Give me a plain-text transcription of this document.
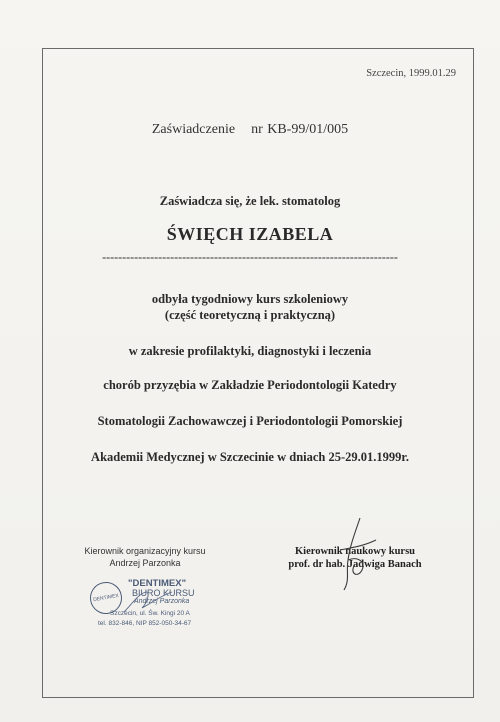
Szczecin, 1999.01.29
Zaświadczenie nr KB-99/01/005
Zaświadcza się, że lek. stomatolog
ŚWIĘCH IZABELA
--------------------------------------------------------------------------
odbyła tygodniowy kurs szkoleniowy
(część teoretyczną i praktyczną)
w zakresie profilaktyki, diagnostyki i leczenia
chorób przyzębia w Zakładzie Periodontologii Katedry
Stomatologii Zachowawczej i Periodontologii Pomorskiej
Akademii Medycznej w Szczecinie w dniach 25-29.01.1999r.
Kierownik organizacyjny kursu
Andrzej Parzonka
Kierownik naukowy kursu
prof. dr hab. Jadwiga Banach
DENTIMEX
"DENTIMEX"
BIURO KURSU
Andrzej Parzonka
Szczecin, ul. Św. Kingi 20 A
tel. 832-846, NIP 852-050-34-67
